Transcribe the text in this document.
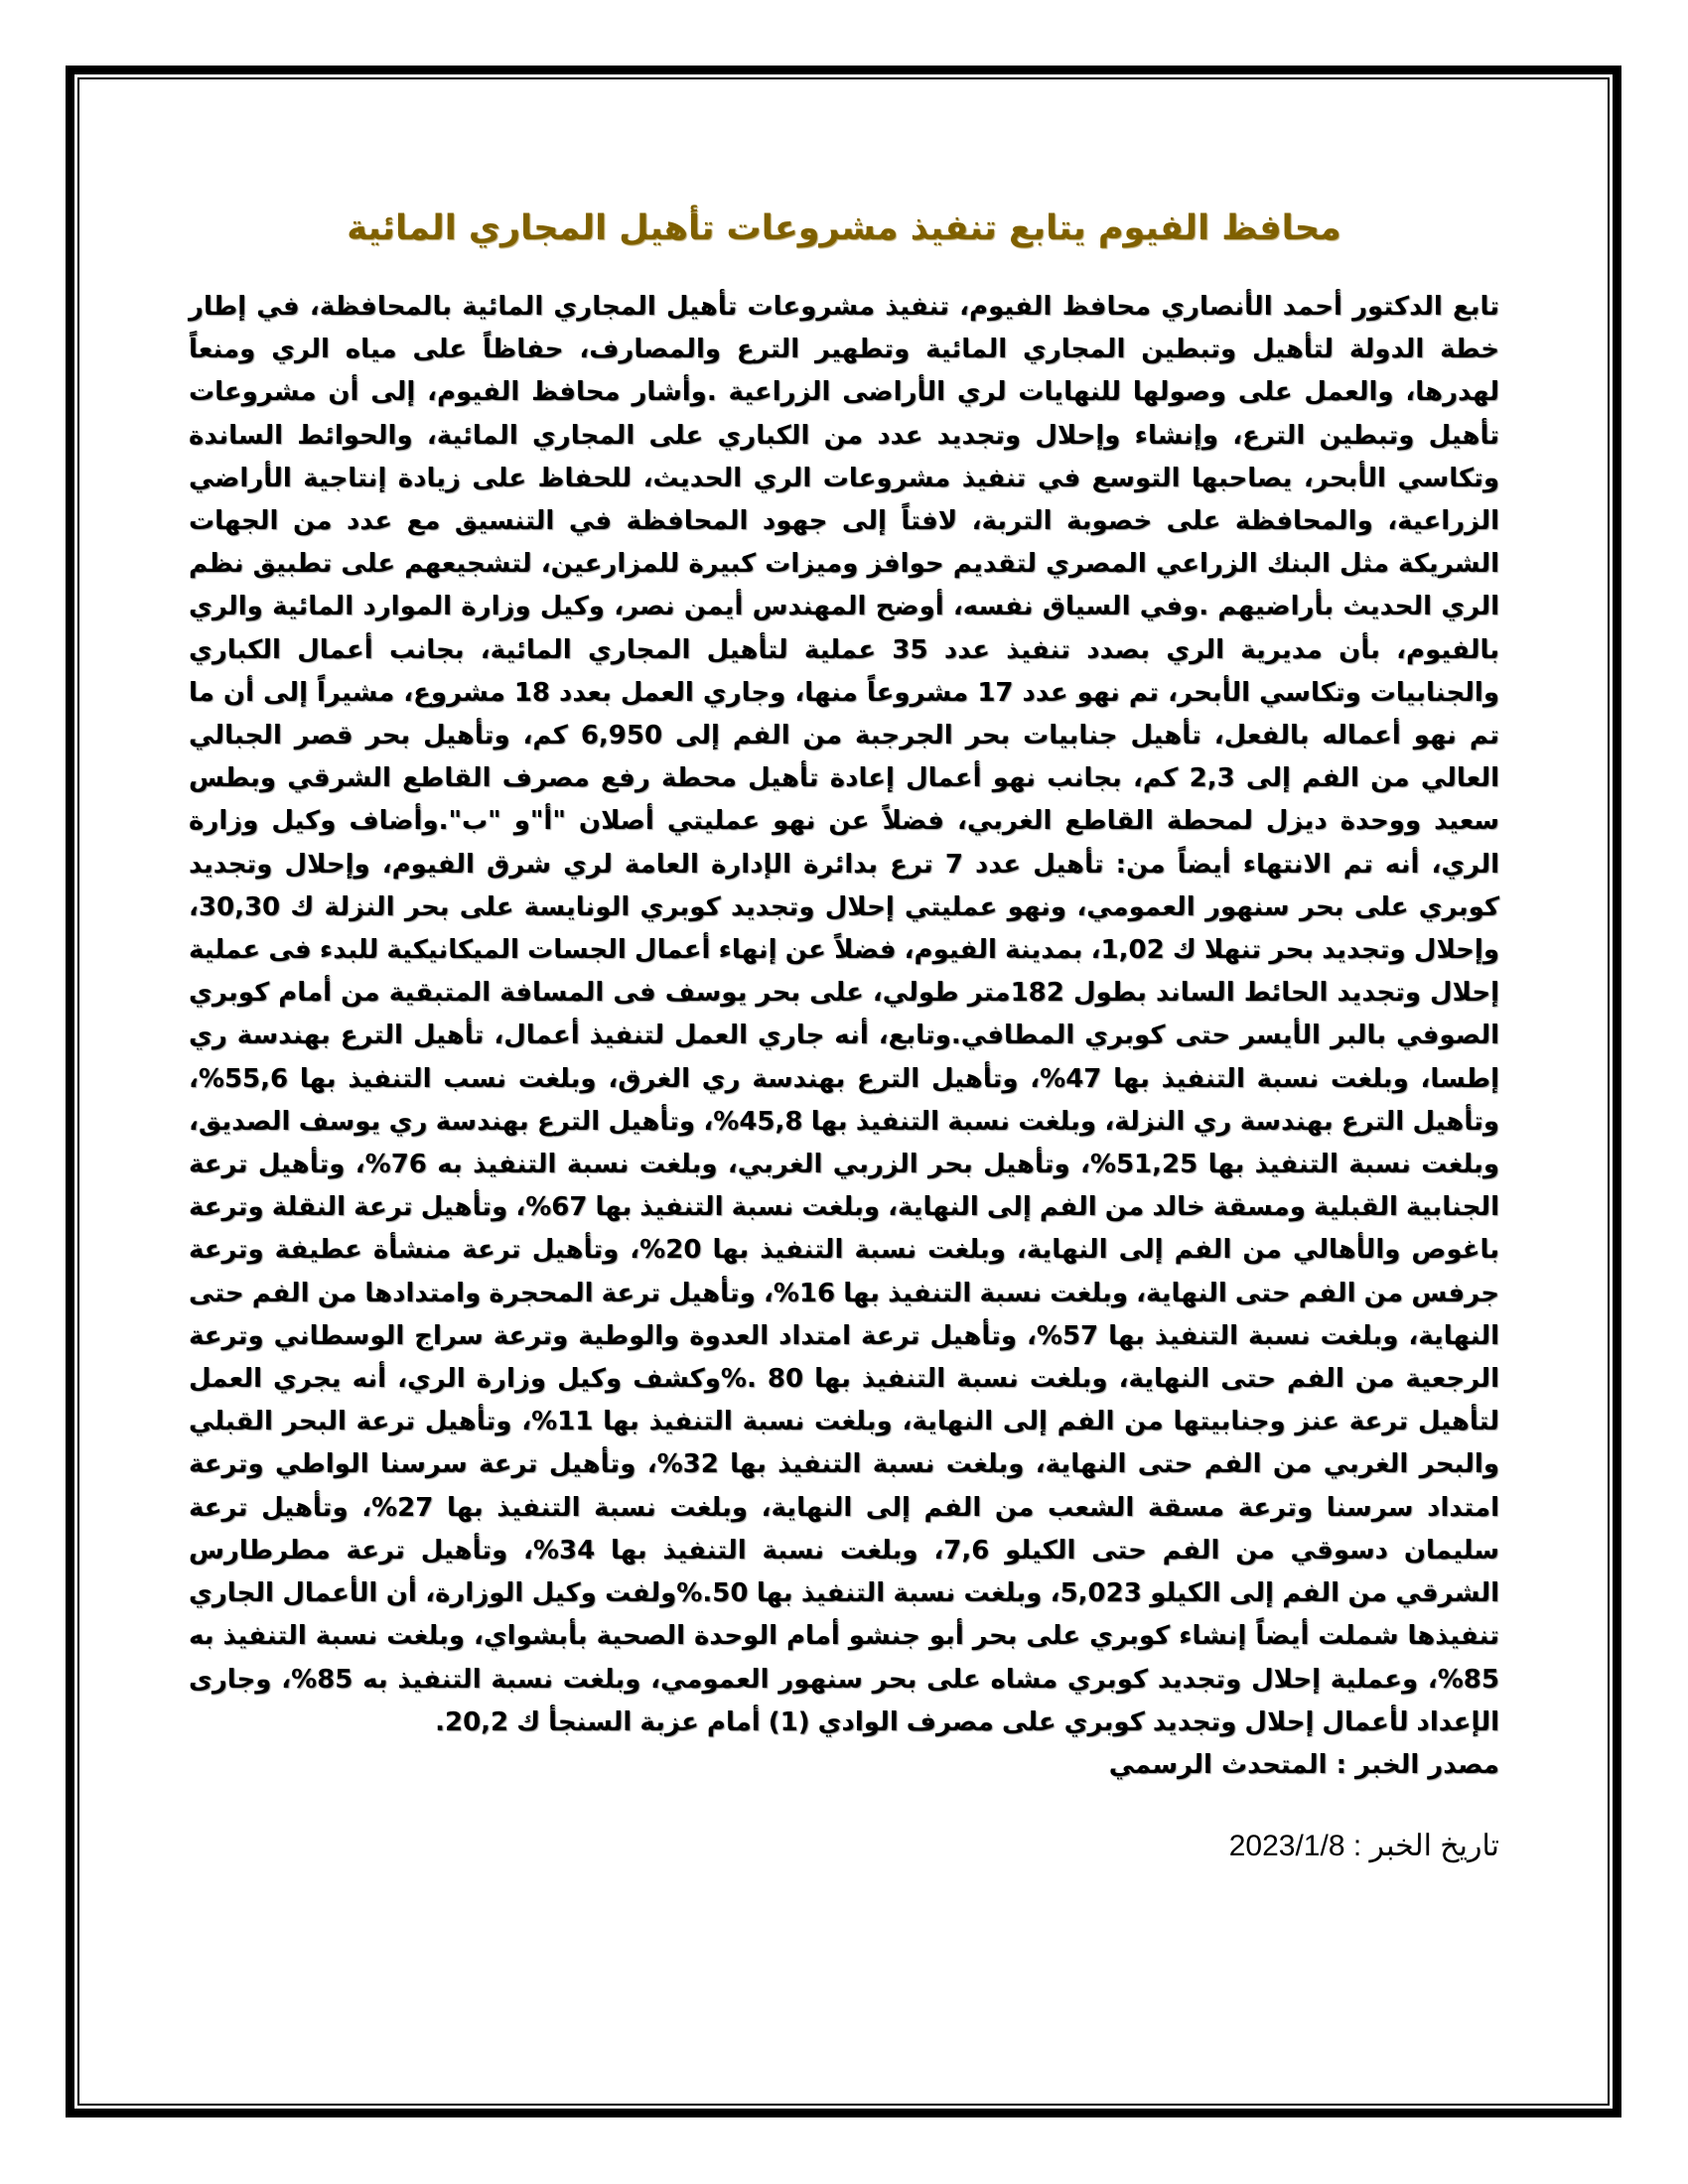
محافظ الفيوم يتابع تنفيذ مشروعات تأهيل المجاري المائية

تابع الدكتور أحمد الأنصاري محافظ الفيوم، تنفيذ مشروعات تأهيل المجاري المائية بالمحافظة، في إطار خطة الدولة لتأهيل وتبطين المجاري المائية وتطهير الترع والمصارف، حفاظاً على مياه الري ومنعاً لهدرها، والعمل على وصولها للنهايات لري الأراضى الزراعية .وأشار محافظ الفيوم، إلى أن مشروعات تأهيل وتبطين الترع، وإنشاء وإحلال وتجديد عدد من الكباري على المجاري المائية، والحوائط الساندة وتكاسي الأبحر، يصاحبها التوسع في تنفيذ مشروعات الري الحديث، للحفاظ على زيادة إنتاجية الأراضي الزراعية، والمحافظة على خصوبة التربة، لافتاً إلى جهود المحافظة في التنسيق مع عدد من الجهات الشريكة مثل البنك الزراعي المصري لتقديم حوافز وميزات كبيرة للمزارعين، لتشجيعهم على تطبيق نظم الري الحديث بأراضيهم .وفي السياق نفسه، أوضح المهندس أيمن نصر، وكيل وزارة الموارد المائية والري بالفيوم، بأن مديرية الري بصدد تنفيذ عدد 35 عملية لتأهيل المجاري المائية، بجانب أعمال الكباري والجنابيات وتكاسي الأبحر، تم نهو عدد 17 مشروعاً منها، وجاري العمل بعدد 18 مشروع، مشيراً إلى أن ما تم نهو أعماله بالفعل، تأهيل جنابيات بحر الجرجبة من الفم إلى 6,950 كم، وتأهيل بحر قصر الجبالي العالي من الفم إلى 2,3 كم، بجانب نهو أعمال إعادة تأهيل محطة رفع مصرف القاطع الشرقي وبطس سعيد ووحدة ديزل لمحطة القاطع الغربي، فضلاً عن نهو عمليتي أصلان "أ"و "ب".وأضاف وكيل وزارة الري، أنه تم الانتهاء أيضاً من: تأهيل عدد 7 ترع بدائرة الإدارة العامة لري شرق الفيوم، وإحلال وتجديد كوبري على بحر سنهور العمومي، ونهو عمليتي إحلال وتجديد كوبري الونايسة على بحر النزلة ك 30,30، وإحلال وتجديد بحر تنهلا ك 1,02، بمدينة الفيوم، فضلاً عن إنهاء أعمال الجسات الميكانيكية للبدء فى عملية إحلال وتجديد الحائط الساند بطول 182متر طولي، على بحر يوسف فى المسافة المتبقية من أمام كوبري الصوفي بالبر الأيسر حتى كوبري المطافي.وتابع، أنه جاري العمل لتنفيذ أعمال، تأهيل الترع بهندسة ري إطسا، وبلغت نسبة التنفيذ بها 47%، وتأهيل الترع بهندسة ري الغرق، وبلغت نسب التنفيذ بها 55,6%، وتأهيل الترع بهندسة ري النزلة، وبلغت نسبة التنفيذ بها 45,8%، وتأهيل الترع بهندسة ري يوسف الصديق، وبلغت نسبة التنفيذ بها 51,25%، وتأهيل بحر الزربي الغربي، وبلغت نسبة التنفيذ به 76%، وتأهيل ترعة الجنابية القبلية ومسقة خالد من الفم إلى النهاية، وبلغت نسبة التنفيذ بها 67%، وتأهيل ترعة النقلة وترعة باغوص والأهالي من الفم إلى النهاية، وبلغت نسبة التنفيذ بها 20%، وتأهيل ترعة منشأة عطيفة وترعة جرفس من الفم حتى النهاية، وبلغت نسبة التنفيذ بها 16%، وتأهيل ترعة المحجرة وامتدادها من الفم حتى النهاية، وبلغت نسبة التنفيذ بها 57%، وتأهيل ترعة امتداد العدوة والوطية وترعة سراج الوسطاني وترعة الرجعية من الفم حتى النهاية، وبلغت نسبة التنفيذ بها 80 .%وكشف وكيل وزارة الري، أنه يجري العمل لتأهيل ترعة عنز وجنابيتها من الفم إلى النهاية، وبلغت نسبة التنفيذ بها 11%، وتأهيل ترعة البحر القبلي والبحر الغربي من الفم حتى النهاية، وبلغت نسبة التنفيذ بها 32%، وتأهيل ترعة سرسنا الواطي وترعة امتداد سرسنا وترعة مسقة الشعب من الفم إلى النهاية، وبلغت نسبة التنفيذ بها 27%، وتأهيل ترعة سليمان دسوقي من الفم حتى الكيلو 7,6، وبلغت نسبة التنفيذ بها 34%، وتأهيل ترعة مطرطارس الشرقي من الفم إلى الكيلو 5,023، وبلغت نسبة التنفيذ بها 50.%ولفت وكيل الوزارة، أن الأعمال الجاري تنفيذها شملت أيضاً إنشاء كوبري على بحر أبو جنشو أمام الوحدة الصحية بأبشواي، وبلغت نسبة التنفيذ به 85%، وعملية إحلال وتجديد كوبري مشاه على بحر سنهور العمومي، وبلغت نسبة التنفيذ به 85%، وجارى الإعداد لأعمال إحلال وتجديد كوبري على مصرف الوادي (1) أمام عزبة السنجأ ك 20,2.

مصدر الخبر : المتحدث الرسمي

تاريخ الخبر : 2023/1/8
